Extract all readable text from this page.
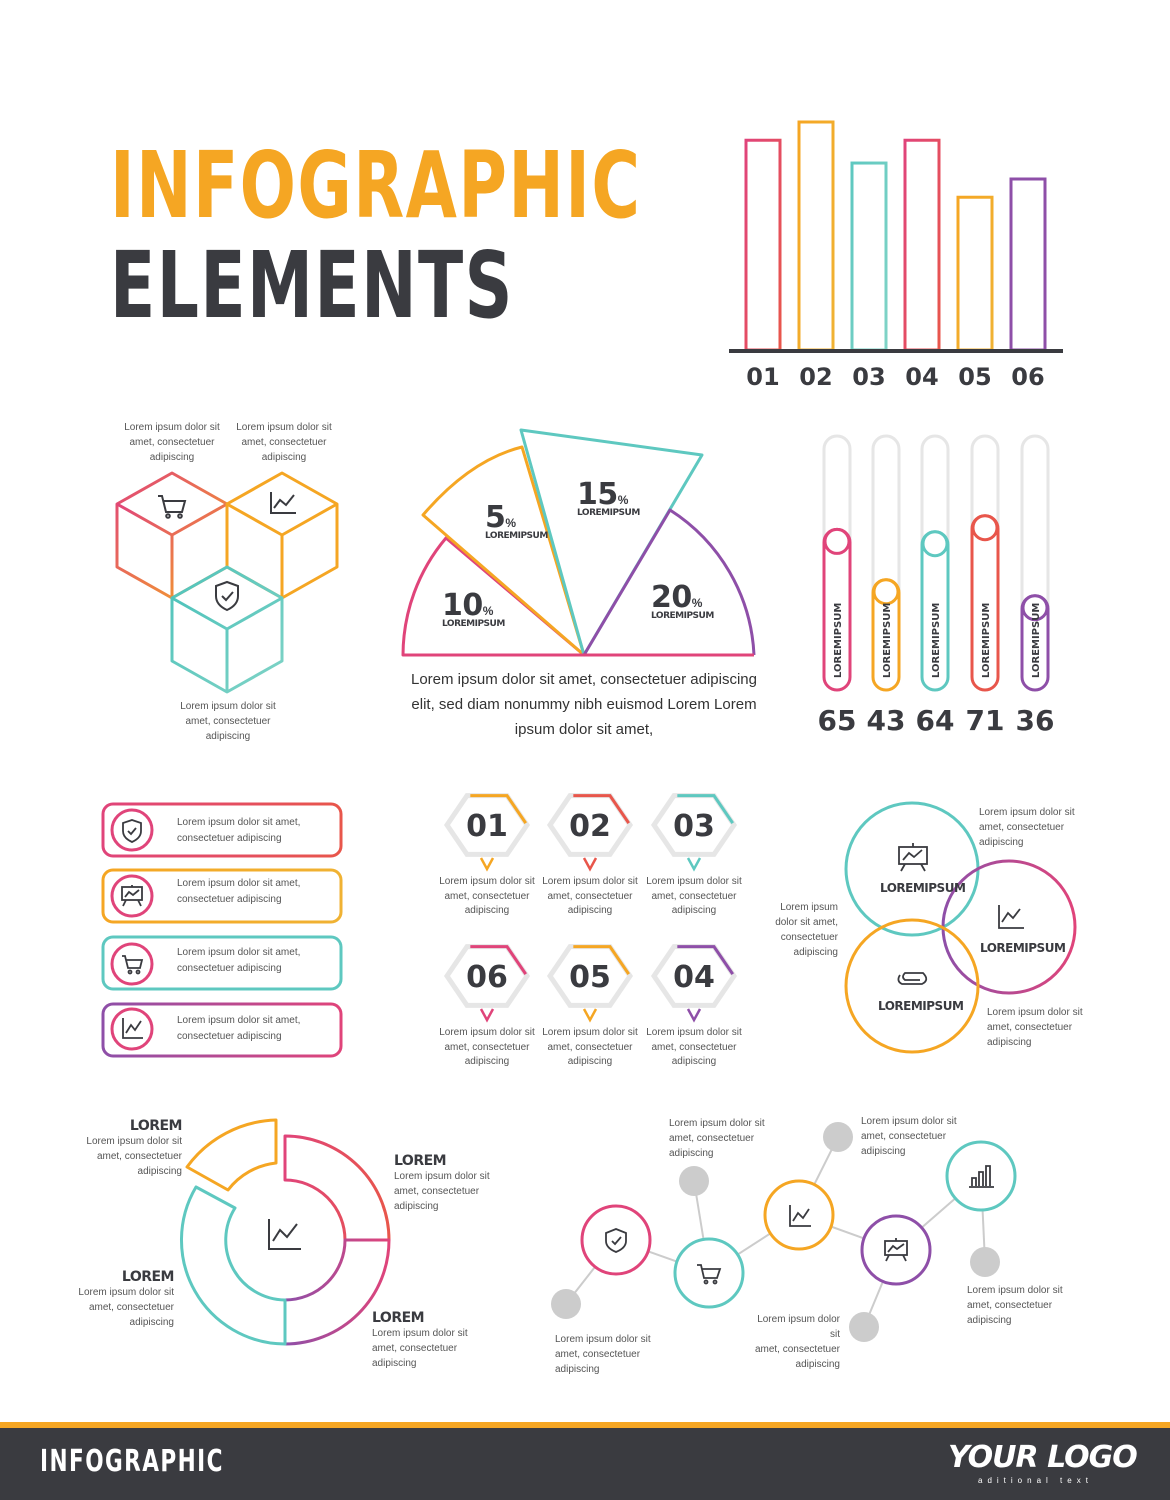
INFOGRAPHIC
ELEMENTS
01 02 03 04 05 06
Lorem ipsum dolor sit
amet, consectetuer
adipiscing
Lorem ipsum dolor sit
amet, consectetuer
adipiscing
Lorem ipsum dolor sit
amet, consectetuer
adipiscing
10%
LOREMIPSUM
5%
LOREMIPSUM
15%
LOREMIPSUM
20%
LOREMIPSUM
Lorem ipsum dolor sit amet, consectetuer adipiscing
elit, sed diam nonummy nibh euismod Lorem Lorem
ipsum dolor sit amet,
LOREMIPSUM
65
LOREMIPSUM
43
LOREMIPSUM
64
LOREMIPSUM
71
LOREMIPSUM
36
Lorem ipsum dolor sit amet,
consectetuer adipiscing
Lorem ipsum dolor sit amet,
consectetuer adipiscing
Lorem ipsum dolor sit amet,
consectetuer adipiscing
Lorem ipsum dolor sit amet,
consectetuer adipiscing
01 02 03
06 05 04
Lorem ipsum dolor sit
amet, consectetuer
adipiscing
Lorem ipsum dolor sit
amet, consectetuer
adipiscing
Lorem ipsum dolor sit
amet, consectetuer
adipiscing
Lorem ipsum dolor sit
amet, consectetuer
adipiscing
Lorem ipsum dolor sit
amet, consectetuer
adipiscing
Lorem ipsum dolor sit
amet, consectetuer
adipiscing
LOREMIPSUM
LOREMIPSUM
LOREMIPSUM
Lorem ipsum dolor sit
amet, consectetuer
adipiscing
Lorem ipsum
dolor sit amet,
consectetuer
adipiscing
Lorem ipsum dolor sit
amet, consectetuer
adipiscing
LOREM
Lorem ipsum dolor sit
amet, consectetuer
adipiscing
LOREM
Lorem ipsum dolor sit
amet, consectetuer
adipiscing
LOREM
Lorem ipsum dolor sit
amet, consectetuer
adipiscing	LOREM
Lorem ipsum dolor sit
amet, consectetuer
adipiscing
Lorem ipsum dolor sit
amet, consectetuer
adipiscing
Lorem ipsum dolor sit
amet, consectetuer
adipiscing
Lorem ipsum dolor sit
amet, consectetuer
adipiscing
Lorem ipsum dolor sit
amet, consectetuer
adipiscing
Lorem ipsum dolor sit
amet, consectetuer
adipiscing
INFOGRAPHIC	YOUR LOGO
aditional text
